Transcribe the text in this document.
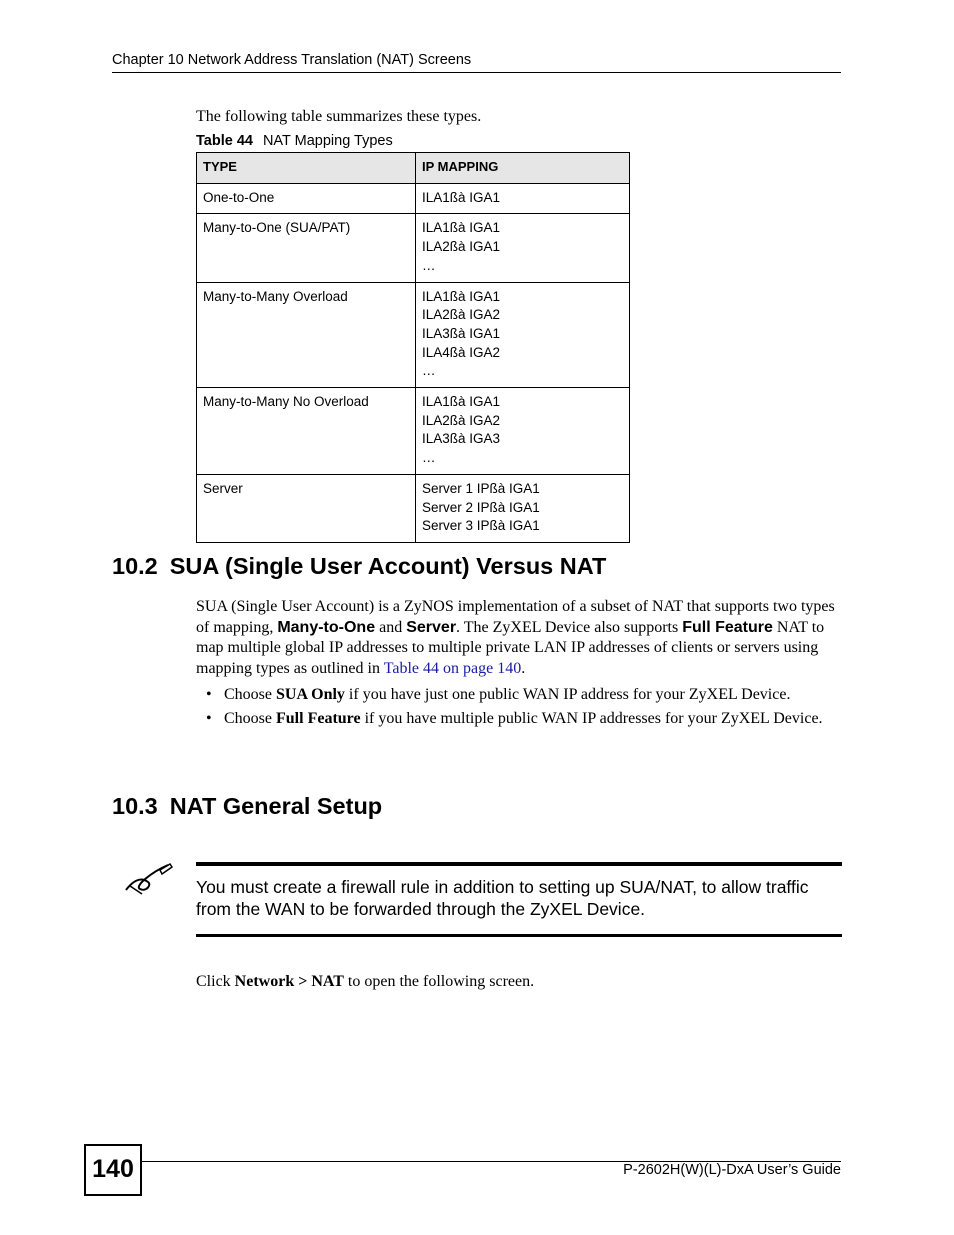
Chapter 10 Network Address Translation (NAT) Screens
The following table summarizes these types.
Table 44 NAT Mapping Types
TYPE	IP MAPPING
One-to-One	ILA1ßà IGA1

Many-to-One (SUA/PAT)	ILA1ßà IGA1
ILA2ßà IGA1
…

Many-to-Many Overload	ILA1ßà IGA1
ILA2ßà IGA2
ILA3ßà IGA1
ILA4ßà IGA2
…

Many-to-Many No Overload	ILA1ßà IGA1
ILA2ßà IGA2
ILA3ßà IGA3
…

Server	Server 1 IPßà IGA1
Server 2 IPßà IGA1
Server 3 IPßà IGA1
10.2 SUA (Single User Account) Versus NAT
SUA (Single User Account) is a ZyNOS implementation of a subset of NAT that supports two types of mapping, Many-to-One and Server. The ZyXEL Device also supports Full Feature NAT to map multiple global IP addresses to multiple private LAN IP addresses of clients or servers using mapping types as outlined in Table 44 on page 140.
• Choose SUA Only if you have just one public WAN IP address for your ZyXEL Device.
• Choose Full Feature if you have multiple public WAN IP addresses for your ZyXEL Device.
10.3 NAT General Setup
You must create a firewall rule in addition to setting up SUA/NAT, to allow traffic from the WAN to be forwarded through the ZyXEL Device.
Click Network > NAT to open the following screen.
140	P-2602H(W)(L)-DxA User’s Guide
